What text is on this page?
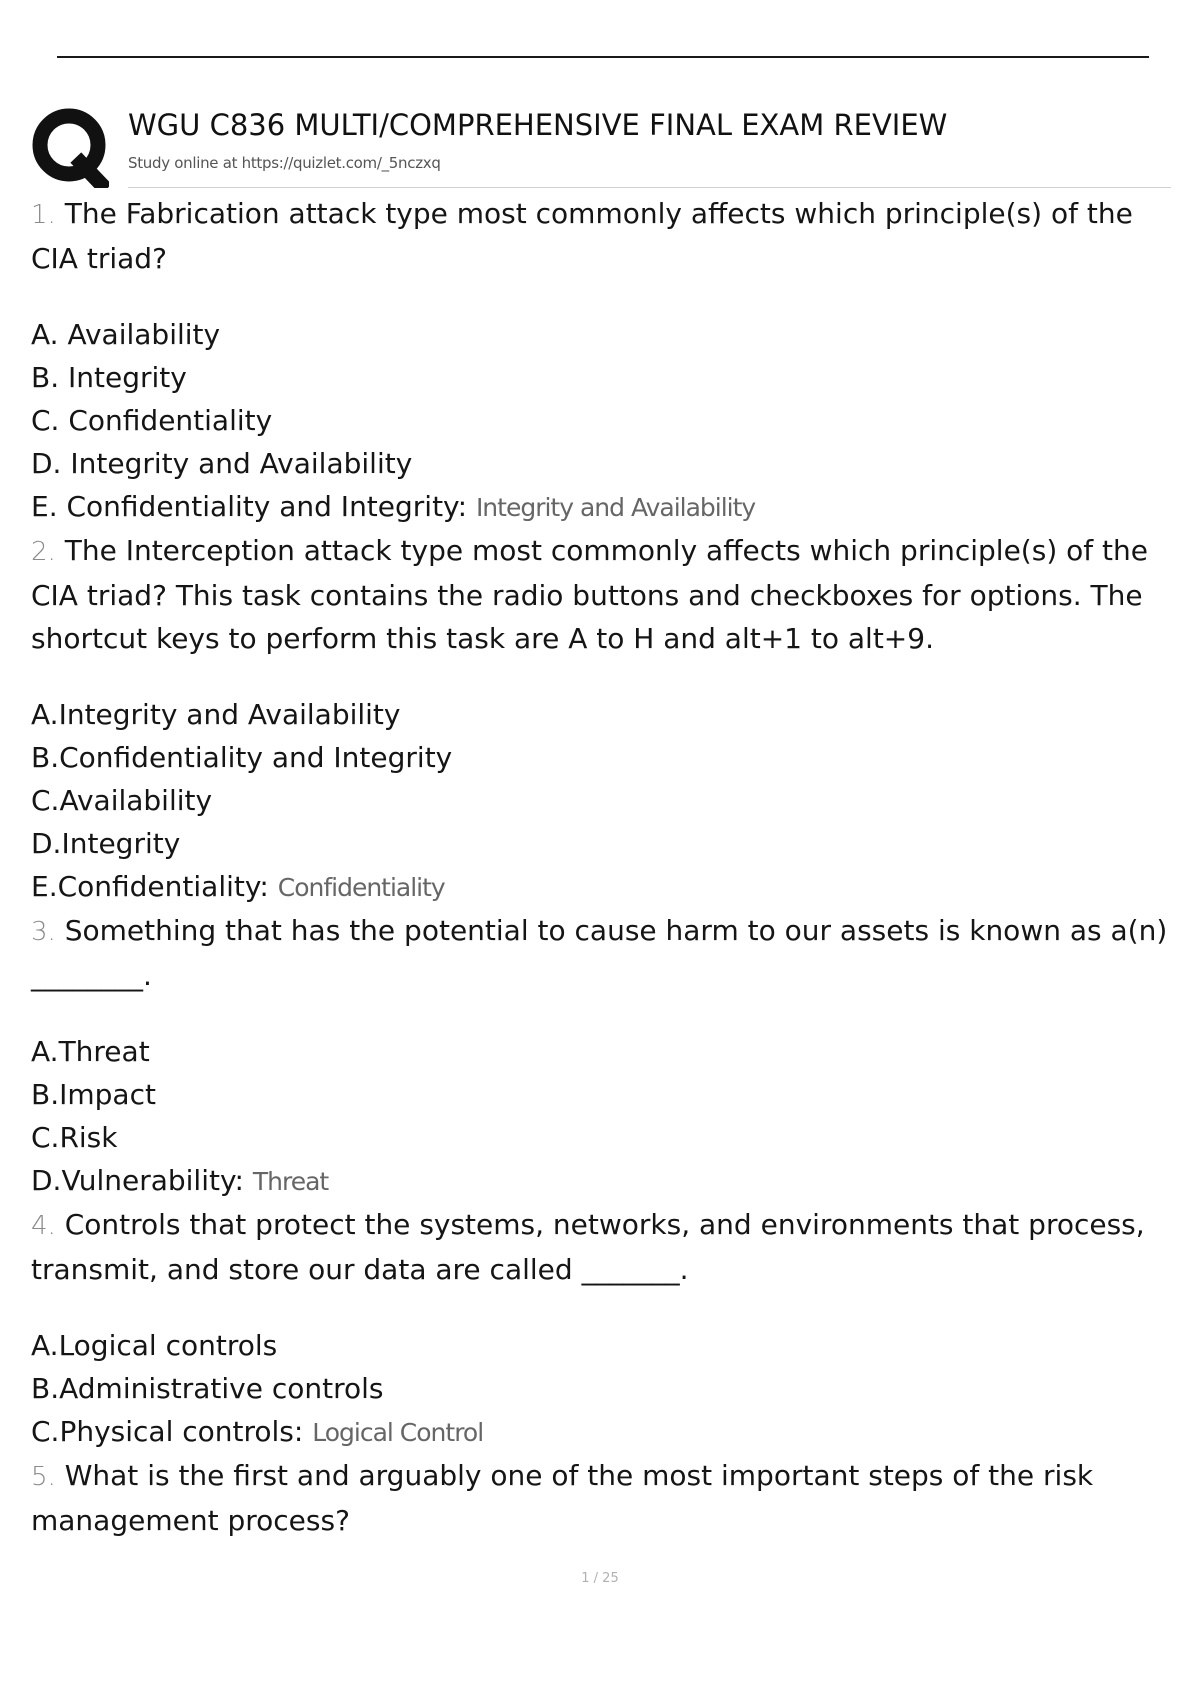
WGU C836 MULTI/COMPREHENSIVE FINAL EXAM REVIEW
Study online at https://quizlet.com/_5nczxq

1. The Fabrication attack type most commonly affects which principle(s) of the CIA triad?

A. Availability

B. Integrity

C. Confidentiality

D. Integrity and Availability

E. Confidentiality and Integrity: Integrity and Availability

2. The Interception attack type most commonly affects which principle(s) of the CIA triad? This task contains the radio buttons and checkboxes for options. The shortcut keys to perform this task are A to H and alt+1 to alt+9.

A.Integrity and Availability

B.Confidentiality and Integrity

C.Availability

D.Integrity

E.Confidentiality: Confidentiality

3. Something that has the potential to cause harm to our assets is known as a(n) ________.

A.Threat

B.Impact

C.Risk

D.Vulnerability: Threat

4. Controls that protect the systems, networks, and environments that process, transmit, and store our data are called _______.

A.Logical controls

B.Administrative controls

C.Physical controls: Logical Control

5. What is the first and arguably one of the most important steps of the risk management process?

1 / 25
